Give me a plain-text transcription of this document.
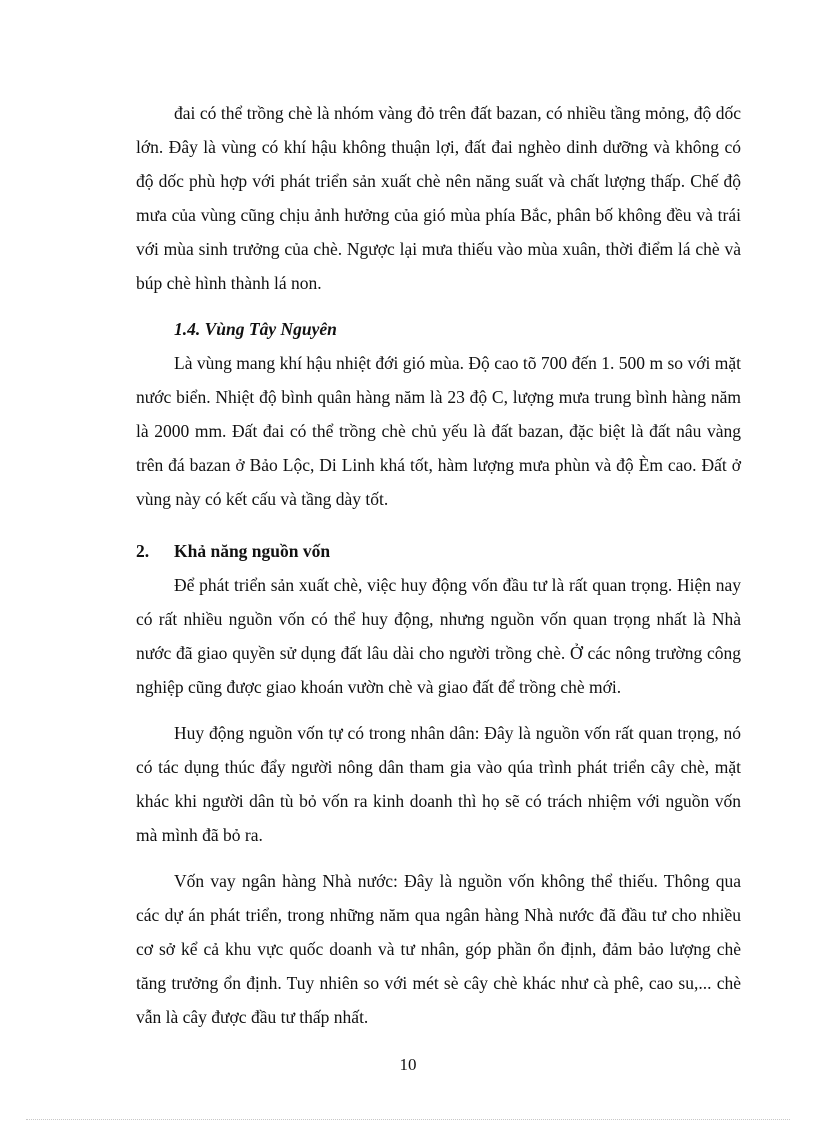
đai có thể trồng chè là nhóm vàng đỏ trên đất bazan, có nhiều tầng mỏng, độ dốc lớn. Đây là vùng có khí hậu không thuận lợi, đất đai nghèo dinh dưỡng và không có độ dốc phù hợp với phát triển sản xuất chè nên năng suất và chất lượng thấp. Chế độ mưa của vùng cũng chịu ảnh hưởng của gió mùa phía Bắc, phân bố không đều và trái với mùa sinh trưởng của chè. Ngược lại mưa thiếu vào mùa xuân, thời điểm lá chè và búp chè hình thành lá non.

1.4. Vùng Tây Nguyên

Là vùng mang khí hậu nhiệt đới gió mùa. Độ cao tõ 700 đến 1. 500 m so với mặt nước biển. Nhiệt độ bình quân hàng năm là 23 độ C, lượng mưa trung bình hàng năm là 2000 mm. Đất đai có thể trồng chè chủ yếu là đất bazan, đặc biệt là đất nâu vàng trên đá bazan ở Bảo Lộc, Di Linh khá tốt, hàm lượng mưa phùn và độ Èm cao. Đất ở vùng này có kết cấu và tầng dày tốt.

2.	Khả năng nguồn vốn

Để phát triển sản xuất chè, việc huy động vốn đầu tư là rất quan trọng. Hiện nay có rất nhiều nguồn vốn có thể huy động, nhưng nguồn vốn quan trọng nhất là Nhà nước đã giao quyền sử dụng đất lâu dài cho người trồng chè. Ở các nông trường công nghiệp cũng được giao khoán vườn chè và giao đất để trồng chè mới.

Huy động nguồn vốn tự có trong nhân dân: Đây là nguồn vốn rất quan trọng, nó có tác dụng thúc đẩy người nông dân tham gia vào qúa trình phát triển cây chè, mặt khác khi người dân tù bỏ vốn ra kinh doanh thì họ sẽ có trách nhiệm với nguồn vốn mà mình đã bỏ ra.

Vốn vay ngân hàng Nhà nước: Đây là nguồn vốn không thể thiếu. Thông qua các dự án phát triển, trong những năm qua ngân hàng Nhà nước đã đầu tư cho nhiều cơ sở kể cả khu vực quốc doanh và tư nhân, góp phần ổn định, đảm bảo lượng chè tăng trưởng ổn định. Tuy nhiên so với mét sè cây chè khác như cà phê, cao su,... chè vẫn là cây được đầu tư thấp nhất.

10
